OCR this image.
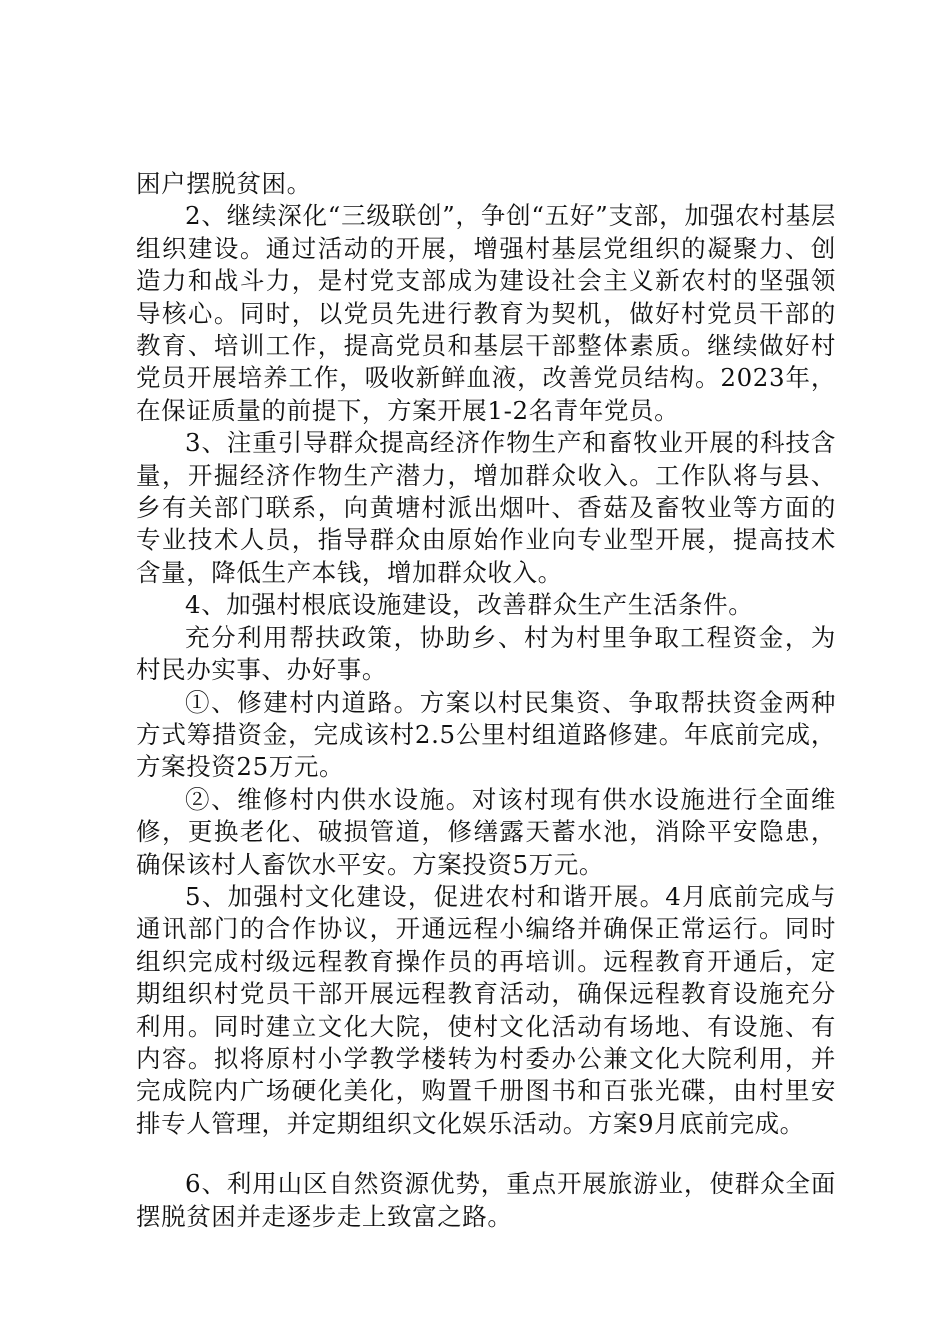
困户摆脱贫困。

2、继续深化“三级联创”，争创“五好”支部，加强农村基层组织建设。通过活动的开展，增强村基层党组织的凝聚力、创造力和战斗力，是村党支部成为建设社会主义新农村的坚强领导核心。同时，以党员先进行教育为契机，做好村党员干部的教育、培训工作，提高党员和基层干部整体素质。继续做好村党员开展培养工作，吸收新鲜血液，改善党员结构。2023年，在保证质量的前提下，方案开展1-2名青年党员。

3、注重引导群众提高经济作物生产和畜牧业开展的科技含量，开掘经济作物生产潜力，增加群众收入。工作队将与县、乡有关部门联系，向黄塘村派出烟叶、香菇及畜牧业等方面的专业技术人员，指导群众由原始作业向专业型开展，提高技术含量，降低生产本钱，增加群众收入。

4、加强村根底设施建设，改善群众生产生活条件。

充分利用帮扶政策，协助乡、村为村里争取工程资金，为村民办实事、办好事。

①、修建村内道路。方案以村民集资、争取帮扶资金两种方式筹措资金，完成该村2.5公里村组道路修建。年底前完成，方案投资25万元。

②、维修村内供水设施。对该村现有供水设施进行全面维修，更换老化、破损管道，修缮露天蓄水池，消除平安隐患，确保该村人畜饮水平安。方案投资5万元。

5、加强村文化建设，促进农村和谐开展。4月底前完成与通讯部门的合作协议，开通远程小编络并确保正常运行。同时组织完成村级远程教育操作员的再培训。远程教育开通后，定期组织村党员干部开展远程教育活动，确保远程教育设施充分利用。同时建立文化大院，使村文化活动有场地、有设施、有内容。拟将原村小学教学楼转为村委办公兼文化大院利用，并完成院内广场硬化美化，购置千册图书和百张光碟，由村里安排专人管理，并定期组织文化娱乐活动。方案9月底前完成。

6、利用山区自然资源优势，重点开展旅游业，使群众全面摆脱贫困并走逐步走上致富之路。
